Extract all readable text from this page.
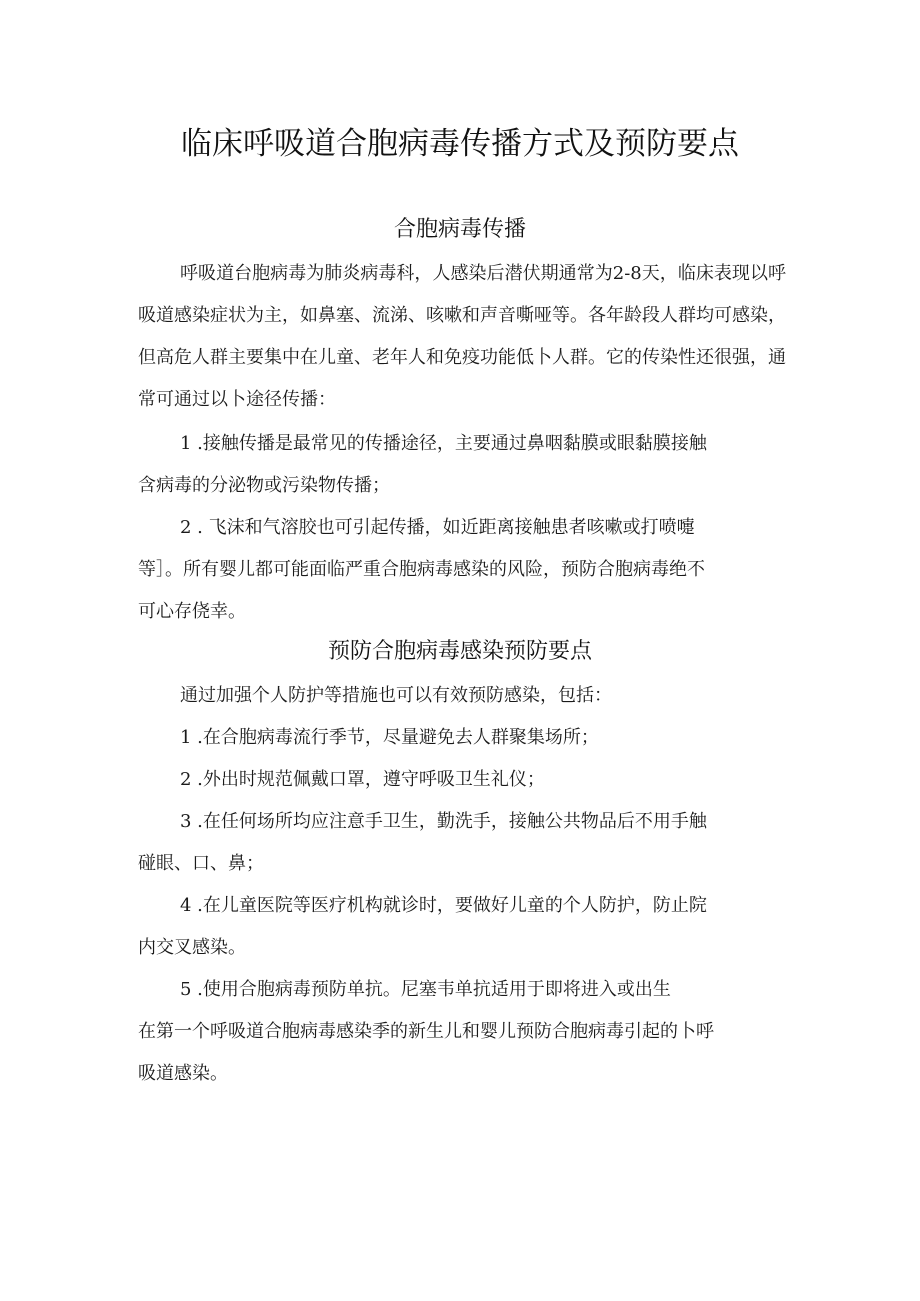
临床呼吸道合胞病毒传播方式及预防要点
合胞病毒传播

呼吸道台胞病毒为肺炎病毒科，人感染后潜伏期通常为2-8天，临床表现以呼吸道感染症状为主，如鼻塞、流涕、咳嗽和声音嘶哑等。各年龄段人群均可感染，但高危人群主要集中在儿童、老年人和免疫功能低卜人群。它的传染性还很强，通常可通过以卜途径传播：

1 .接触传播是最常见的传播途径，主要通过鼻咽黏膜或眼黏膜接触

含病毒的分泌物或污染物传播；

2 . 飞沫和气溶胶也可引起传播，如近距离接触患者咳嗽或打喷嚏

等］。所有婴儿都可能面临严重合胞病毒感染的风险，预防合胞病毒绝不

可心存侥幸。

预防合胞病毒感染预防要点

通过加强个人防护等措施也可以有效预防感染，包括：

1 .在合胞病毒流行季节，尽量避免去人群聚集场所；

2 .外出时规范佩戴口罩，遵守呼吸卫生礼仪；

3 .在任何场所均应注意手卫生，勤洗手，接触公共物品后不用手触

碰眼、口、鼻；

4 .在儿童医院等医疗机构就诊时，要做好儿童的个人防护，防止院

内交叉感染。

5 .使用合胞病毒预防单抗。尼塞韦单抗适用于即将进入或出生

在第一个呼吸道合胞病毒感染季的新生儿和婴儿预防合胞病毒引起的卜呼

吸道感染。
